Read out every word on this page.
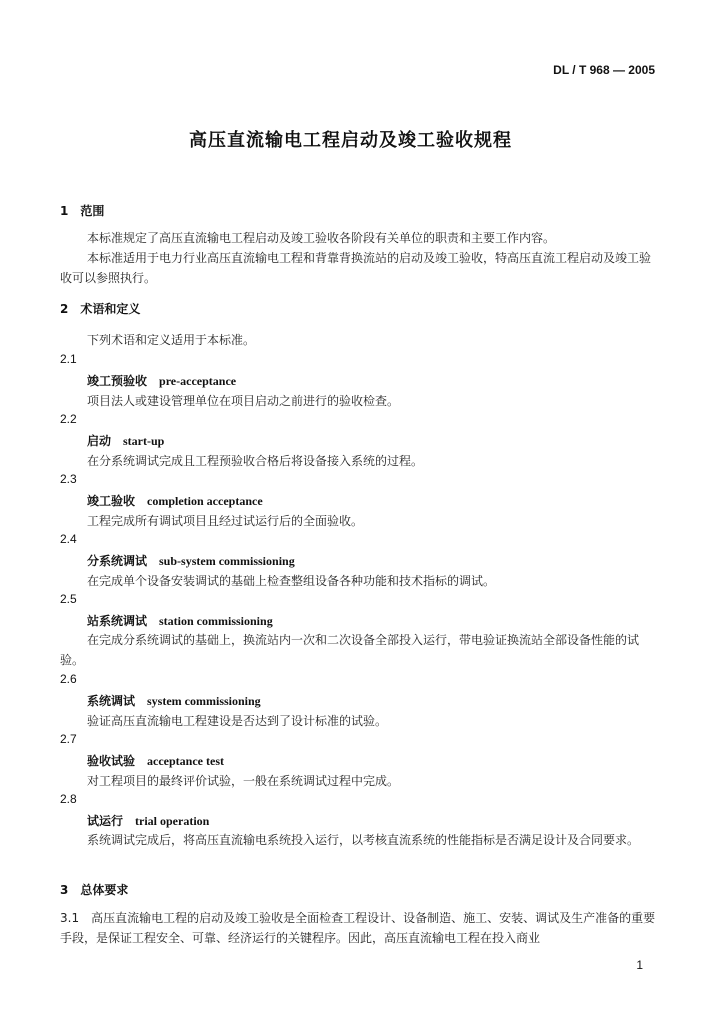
DL / T 968 — 2005
高压直流输电工程启动及竣工验收规程
1　范围
本标准规定了高压直流输电工程启动及竣工验收各阶段有关单位的职责和主要工作内容。
本标准适用于电力行业高压直流输电工程和背靠背换流站的启动及竣工验收，特高压直流工程启动及竣工验收可以参照执行。
2　术语和定义
下列术语和定义适用于本标准。
2.1
竣工预验收 pre-acceptance
项目法人或建设管理单位在项目启动之前进行的验收检查。
2.2
启动 start-up
在分系统调试完成且工程预验收合格后将设备接入系统的过程。
2.3
竣工验收 completion acceptance
工程完成所有调试项目且经过试运行后的全面验收。
2.4
分系统调试 sub-system commissioning
在完成单个设备安装调试的基础上检查整组设备各种功能和技术指标的调试。
2.5
站系统调试 station commissioning
在完成分系统调试的基础上，换流站内一次和二次设备全部投入运行，带电验证换流站全部设备性能的试验。
2.6
系统调试 system commissioning
验证高压直流输电工程建设是否达到了设计标准的试验。
2.7
验收试验 acceptance test
对工程项目的最终评价试验，一般在系统调试过程中完成。
2.8
试运行 trial operation
系统调试完成后，将高压直流输电系统投入运行，以考核直流系统的性能指标是否满足设计及合同要求。
3　总体要求
3.1　高压直流输电工程的启动及竣工验收是全面检查工程设计、设备制造、施工、安装、调试及生产准备的重要手段，是保证工程安全、可靠、经济运行的关键程序。因此，高压直流输电工程在投入商业
1
